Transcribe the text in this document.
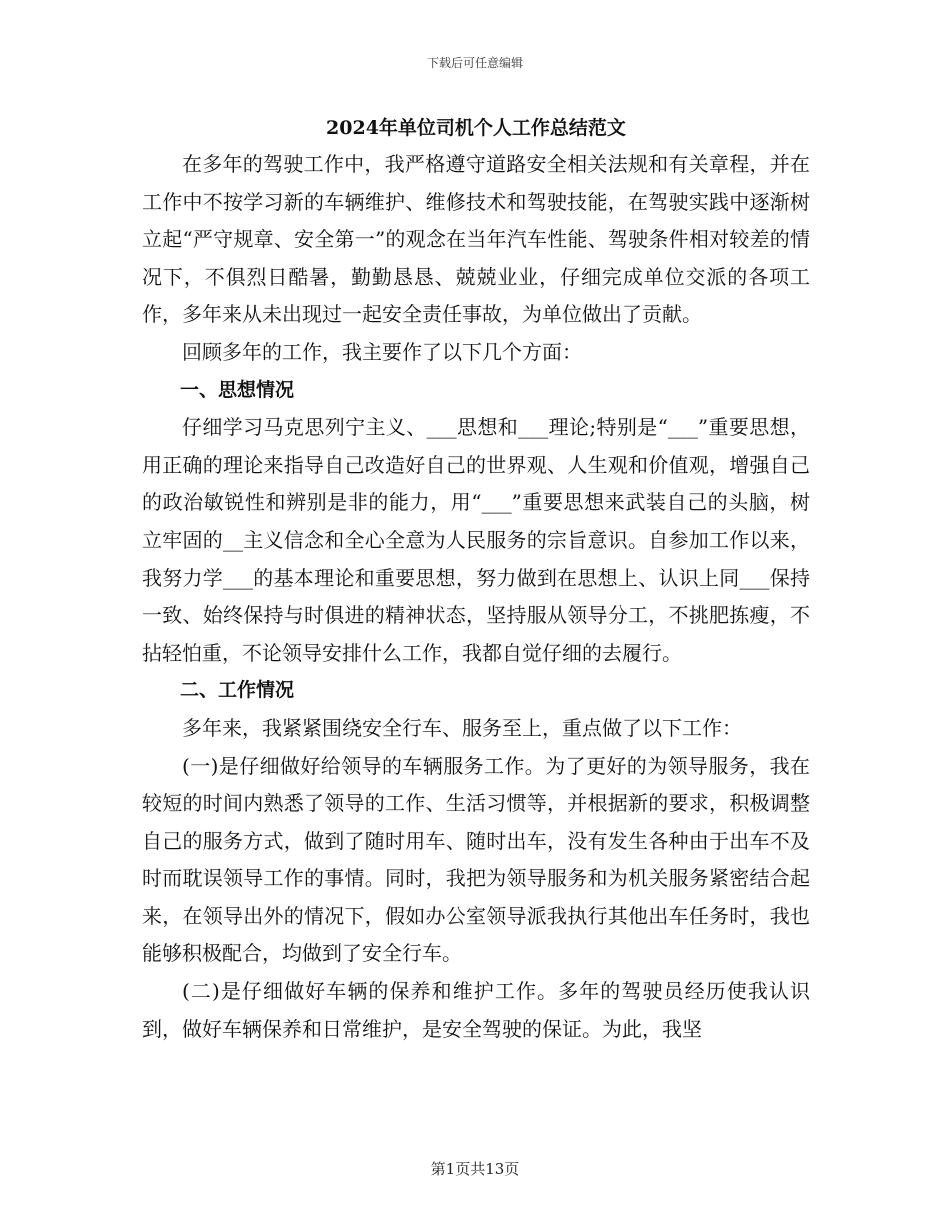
下载后可任意编辑
2024年单位司机个人工作总结范文

在多年的驾驶工作中，我严格遵守道路安全相关法规和有关章程，并在工作中不按学习新的车辆维护、维修技术和驾驶技能，在驾驶实践中逐渐树立起“严守规章、安全第一”的观念在当年汽车性能、驾驶条件相对较差的情况下，不俱烈日酷暑，勤勤恳恳、兢兢业业，仔细完成单位交派的各项工作，多年来从未出现过一起安全责任事故，为单位做出了贡献。

回顾多年的工作，我主要作了以下几个方面：

一、思想情况

仔细学习马克思列宁主义、___思想和___理论;特别是“___”重要思想，用正确的理论来指导自己改造好自己的世界观、人生观和价值观，增强自己的政治敏锐性和辨别是非的能力，用“___”重要思想来武装自己的头脑，树立牢固的__主义信念和全心全意为人民服务的宗旨意识。自参加工作以来，我努力学___的基本理论和重要思想，努力做到在思想上、认识上同___保持一致、始终保持与时俱进的精神状态，坚持服从领导分工，不挑肥拣瘦，不拈轻怕重，不论领导安排什么工作，我都自觉仔细的去履行。

二、工作情况

多年来，我紧紧围绕安全行车、服务至上，重点做了以下工作：

(一)是仔细做好给领导的车辆服务工作。为了更好的为领导服务，我在较短的时间内熟悉了领导的工作、生活习惯等，并根据新的要求，积极调整自己的服务方式，做到了随时用车、随时出车，没有发生各种由于出车不及时而耽误领导工作的事情。同时，我把为领导服务和为机关服务紧密结合起来，在领导出外的情况下，假如办公室领导派我执行其他出车任务时，我也能够积极配合，均做到了安全行车。

(二)是仔细做好车辆的保养和维护工作。多年的驾驶员经历使我认识到，做好车辆保养和日常维护，是安全驾驶的保证。为此，我坚

第1页共13页
